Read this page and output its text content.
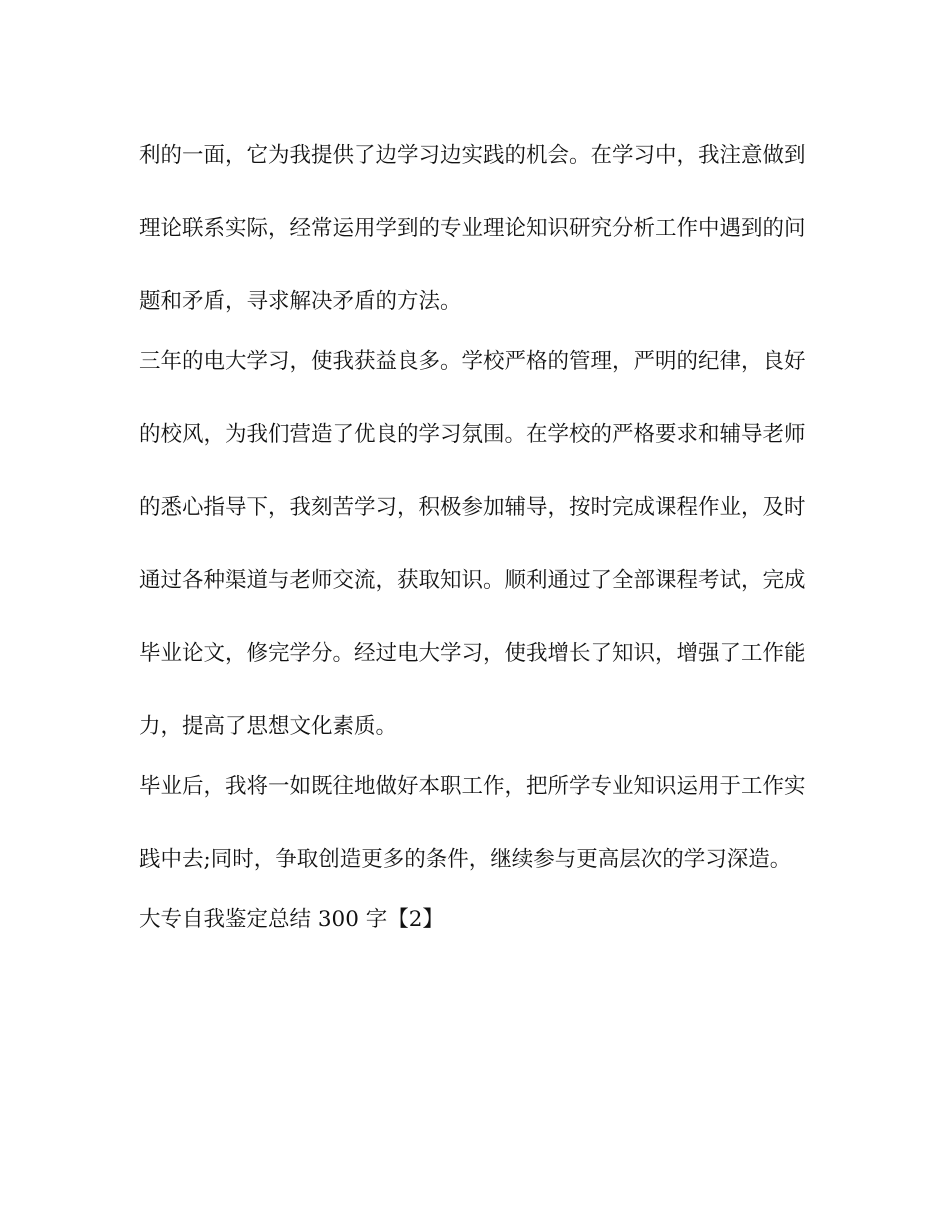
利的一面，它为我提供了边学习边实践的机会。在学习中，我注意做到
理论联系实际，经常运用学到的专业理论知识研究分析工作中遇到的问
题和矛盾，寻求解决矛盾的方法。
三年的电大学习，使我获益良多。学校严格的管理，严明的纪律，良好
的校风，为我们营造了优良的学习氛围。在学校的严格要求和辅导老师
的悉心指导下，我刻苦学习，积极参加辅导，按时完成课程作业，及时
通过各种渠道与老师交流，获取知识。顺利通过了全部课程考试，完成
毕业论文，修完学分。经过电大学习，使我增长了知识，增强了工作能
力，提高了思想文化素质。
毕业后，我将一如既往地做好本职工作，把所学专业知识运用于工作实
践中去;同时，争取创造更多的条件，继续参与更高层次的学习深造。
大专自我鉴定总结 300 字【2】
